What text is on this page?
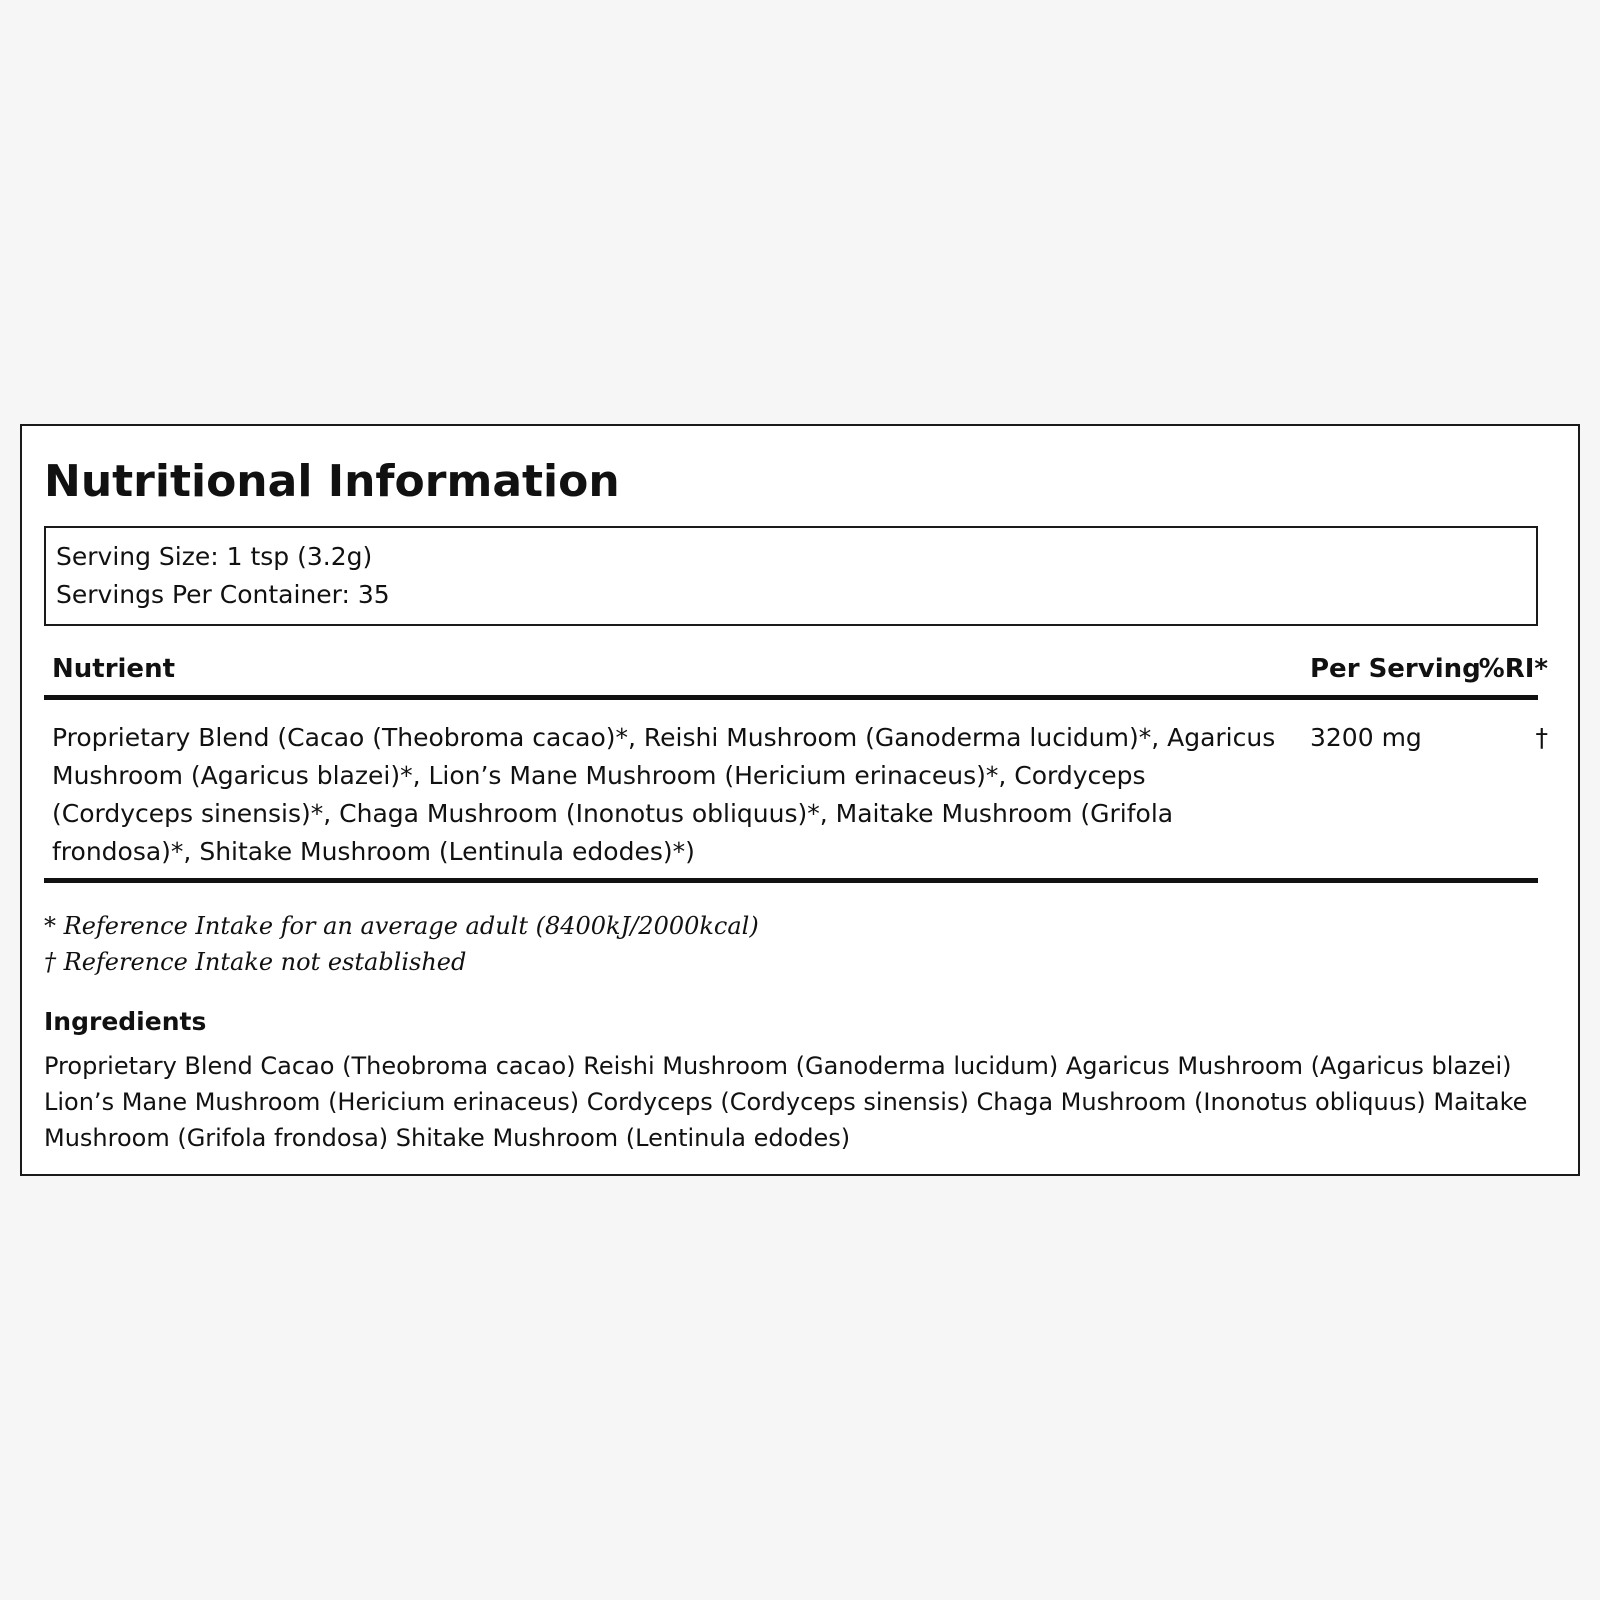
Nutritional Information
Serving Size: 1 tsp (3.2g)
Servings Per Container: 35
Nutrient	Per Serving
%RI*

Proprietary Blend (Cacao (Theobroma cacao)*, Reishi Mushroom (Ganoderma lucidum)*, Agaricus Mushroom (Agaricus blazei)*, Lion’s Mane Mushroom (Hericium erinaceus)*, Cordyceps (Cordyceps sinensis)*, Chaga Mushroom (Inonotus obliquus)*, Maitake Mushroom (Grifola frondosa)*, Shitake Mushroom (Lentinula edodes)*)

3200 mg	†
* Reference Intake for an average adult (8400kJ/2000kcal)
† Reference Intake not established
Ingredients

Proprietary Blend Cacao (Theobroma cacao) Reishi Mushroom (Ganoderma lucidum) Agaricus Mushroom (Agaricus blazei) Lion’s Mane Mushroom (Hericium erinaceus) Cordyceps (Cordyceps sinensis) Chaga Mushroom (Inonotus obliquus) Maitake Mushroom (Grifola frondosa) Shitake Mushroom (Lentinula edodes)
